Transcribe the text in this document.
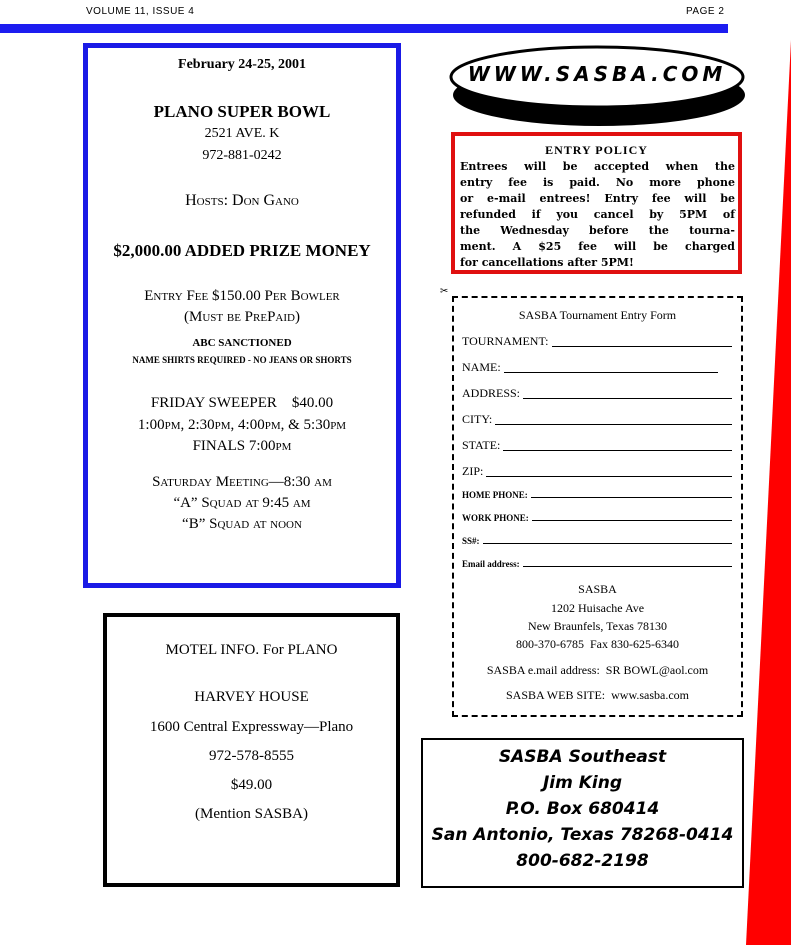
VOLUME 11, ISSUE 4	PAGE 2
February 24-25, 2001
PLANO SUPER BOWL
2521 AVE. K
972-881-0242
Hosts: Don Gano
$2,000.00 ADDED PRIZE MONEY
Entry Fee $150.00 Per Bowler
(Must be PrePaid)
ABC SANCTIONED
NAME SHIRTS REQUIRED - NO JEANS OR SHORTS
FRIDAY SWEEPER    $40.00
1:00pm, 2:30pm, 4:00pm, & 5:30pm
FINALS 7:00pm
Saturday Meeting—8:30 am
“A” Squad at 9:45 am
“B” Squad at noon
MOTEL INFO. For PLANO
HARVEY HOUSE
1600 Central Expressway—Plano
972-578-8555
$49.00
(Mention SASBA)
WWW.SASBA.COM
ENTRY POLICY
Entrees will be accepted when the
entry fee is paid. No more phone
or e-mail entrees! Entry fee will be
refunded if you cancel by 5PM of
the Wednesday before the tourna-
ment. A $25 fee will be charged
for cancellations after 5PM!
✂
SASBA Tournament Entry Form
TOURNAMENT:
NAME:
ADDRESS:
CITY:
STATE:
ZIP:
HOME PHONE:
WORK PHONE:
SS#:
Email address:
SASBA
1202 Huisache Ave
New Braunfels, Texas 78130
800-370-6785  Fax 830-625-6340
SASBA e.mail address:  SR BOWL@aol.com
SASBA WEB SITE:  www.sasba.com
SASBA Southeast
Jim King
P.O. Box 680414
San Antonio, Texas 78268-0414
800-682-2198
